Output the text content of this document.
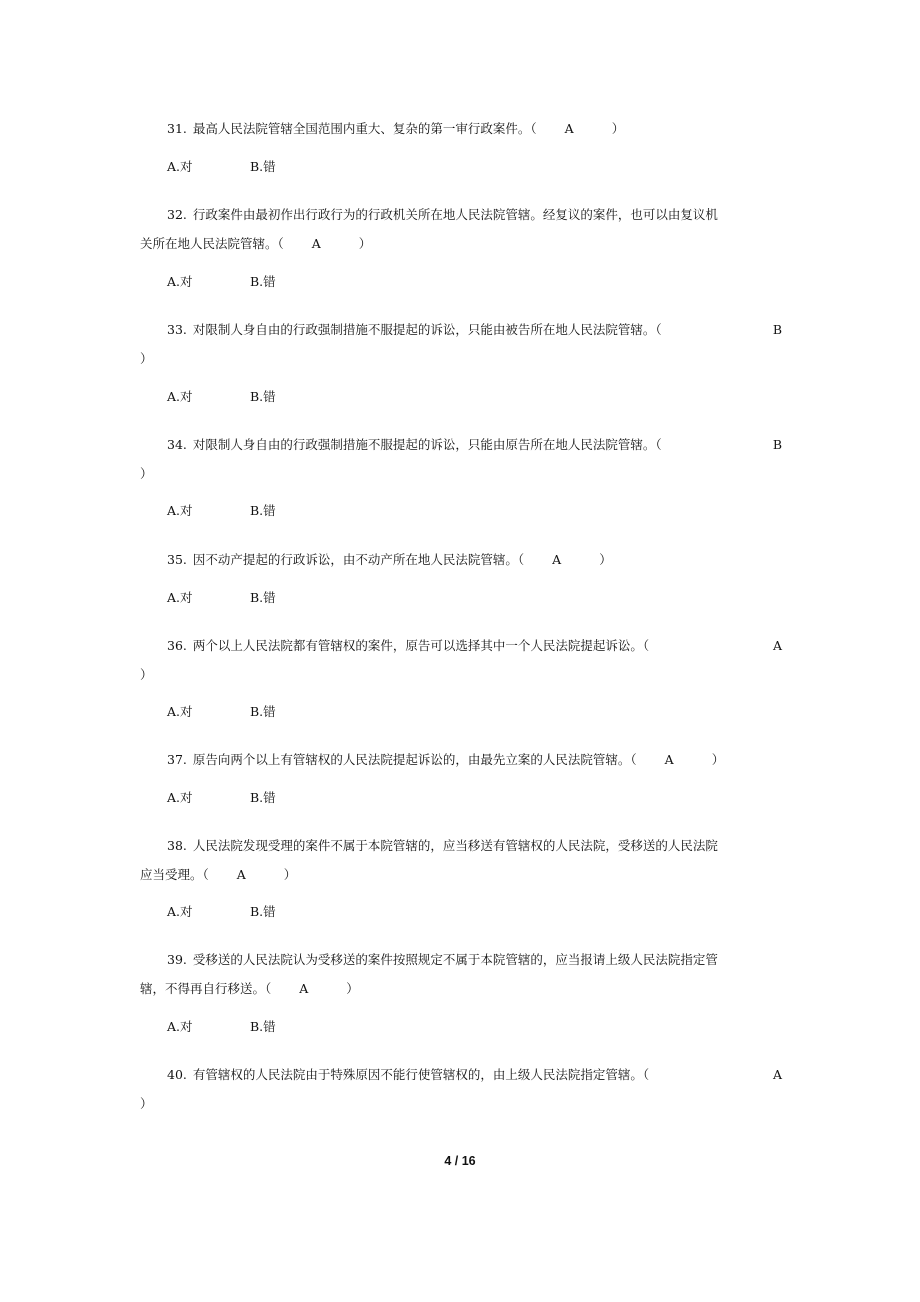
31. 最高人民法院管辖全国范围内重大、复杂的第一审行政案件。（ A	）
A.对	B.错
32. 行政案件由最初作出行政行为的行政机关所在地人民法院管辖。经复议的案件，也可以由复议机
关所在地人民法院管辖。（ A	）
A.对	B.错
33. 对限制人身自由的行政强制措施不服提起的诉讼，只能由被告所在地人民法院管辖。（	B
）
A.对	B.错
34. 对限制人身自由的行政强制措施不服提起的诉讼，只能由原告所在地人民法院管辖。（	B
）
A.对	B.错
35. 因不动产提起的行政诉讼，由不动产所在地人民法院管辖。（ A	）
A.对	B.错
36. 两个以上人民法院都有管辖权的案件，原告可以选择其中一个人民法院提起诉讼。（	A
）
A.对	B.错
37. 原告向两个以上有管辖权的人民法院提起诉讼的，由最先立案的人民法院管辖。（ A	）
A.对	B.错
38. 人民法院发现受理的案件不属于本院管辖的，应当移送有管辖权的人民法院，受移送的人民法院
应当受理。（ A	）
A.对	B.错
39. 受移送的人民法院认为受移送的案件按照规定不属于本院管辖的，应当报请上级人民法院指定管
辖，不得再自行移送。（ A	）
A.对	B.错
40. 有管辖权的人民法院由于特殊原因不能行使管辖权的，由上级人民法院指定管辖。（	A
）
4 / 16
